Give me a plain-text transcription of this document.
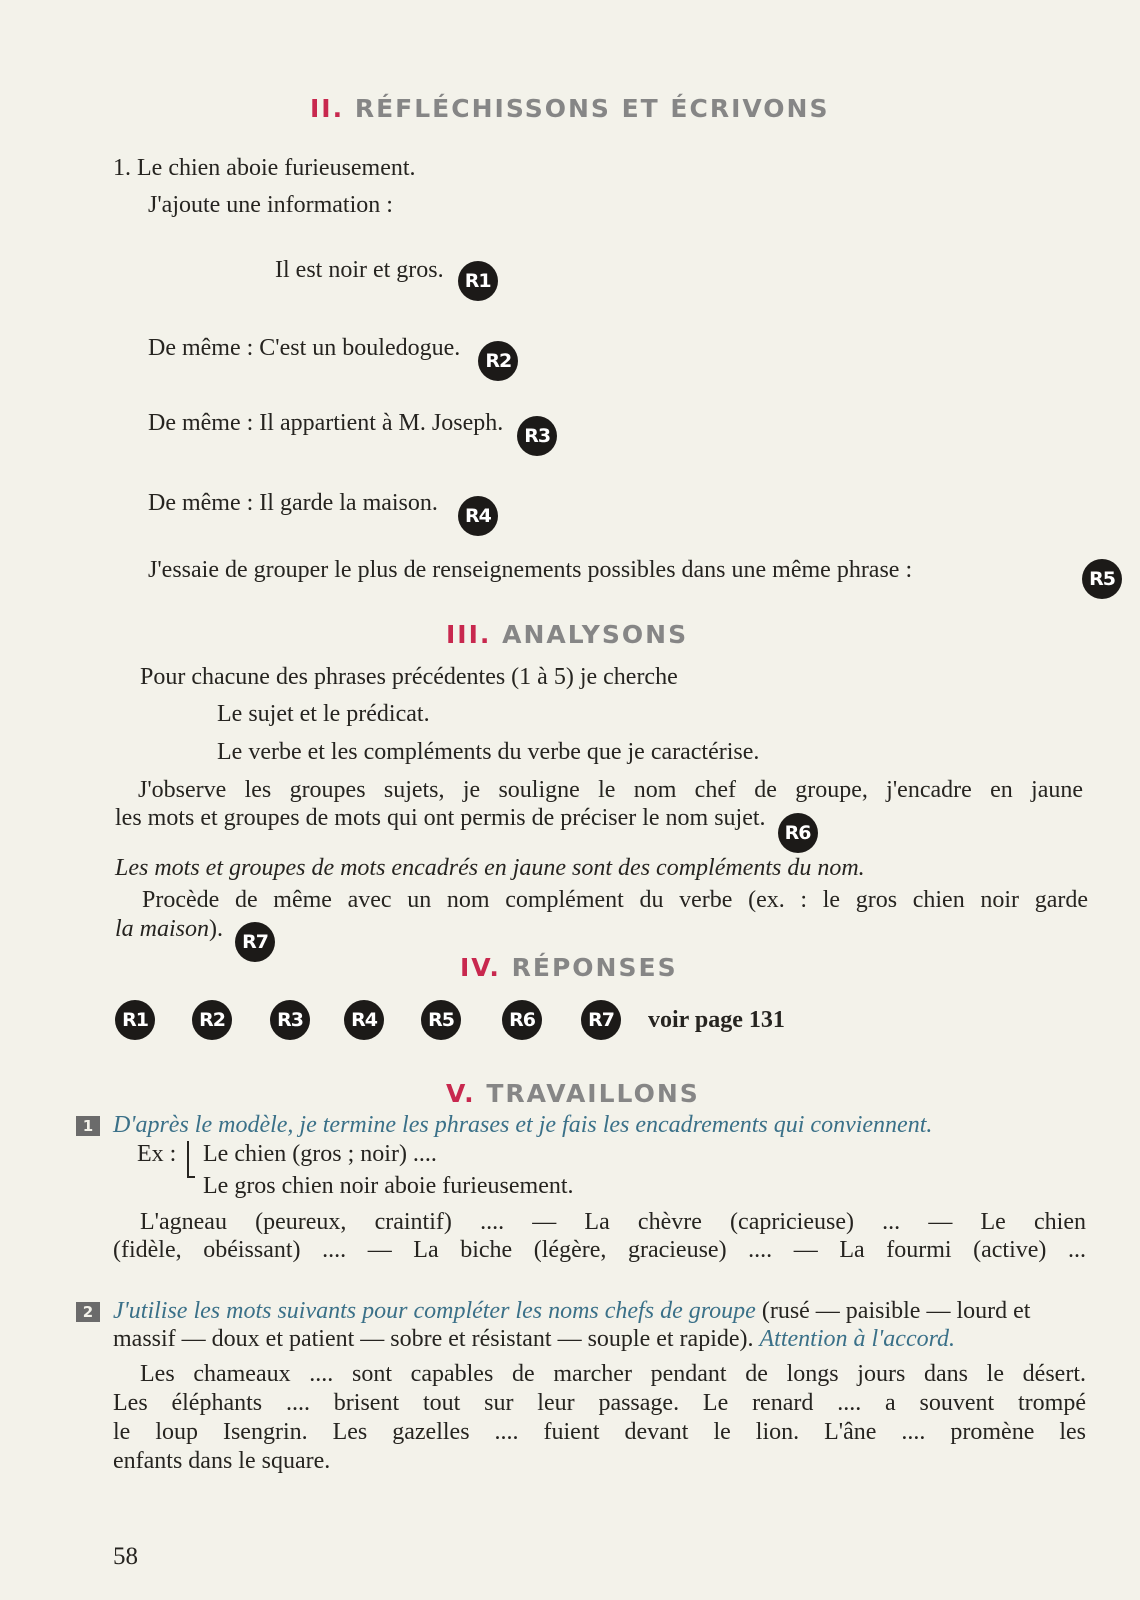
II. RÉFLÉCHISSONS ET ÉCRIVONS
1. Le chien aboie furieusement.
J'ajoute une information :
Il est noir et gros. R1
De même : C'est un bouledogue. R2
De même : Il appartient à M. Joseph. R3
De même : Il garde la maison. R4
J'essaie de grouper le plus de renseignements possibles dans une même phrase :	R5
III. ANALYSONS
Pour chacune des phrases précédentes (1 à 5) je cherche
Le sujet et le prédicat.
Le verbe et les compléments du verbe que je caractérise.
J'observe les groupes sujets, je souligne le nom chef de groupe, j'encadre en jaune
les mots et groupes de mots qui ont permis de préciser le nom sujet. R6
Les mots et groupes de mots encadrés en jaune sont des compléments du nom.
Procède de même avec un nom complément du verbe (ex. : le gros chien noir garde
la maison). R7
IV. RÉPONSES
R1	R2	R3	R4	R5	R6	R7 voir page 131
V. TRAVAILLONS
1 D'après le modèle, je termine les phrases et je fais les encadrements qui conviennent.
Ex : Le chien (gros ; noir) ....
Le gros chien noir aboie furieusement.
L'agneau (peureux, craintif) .... — La chèvre (capricieuse) ... — Le chien
(fidèle, obéissant) .... — La biche (légère, gracieuse) .... — La fourmi (active) ...
2 J'utilise les mots suivants pour compléter les noms chefs de groupe (rusé — paisible — lourd et
massif — doux et patient — sobre et résistant — souple et rapide). Attention à l'accord.
Les chameaux .... sont capables de marcher pendant de longs jours dans le désert.
Les éléphants .... brisent tout sur leur passage. Le renard .... a souvent trompé
le loup Isengrin. Les gazelles .... fuient devant le lion. L'âne .... promène les
enfants dans le square.
58
